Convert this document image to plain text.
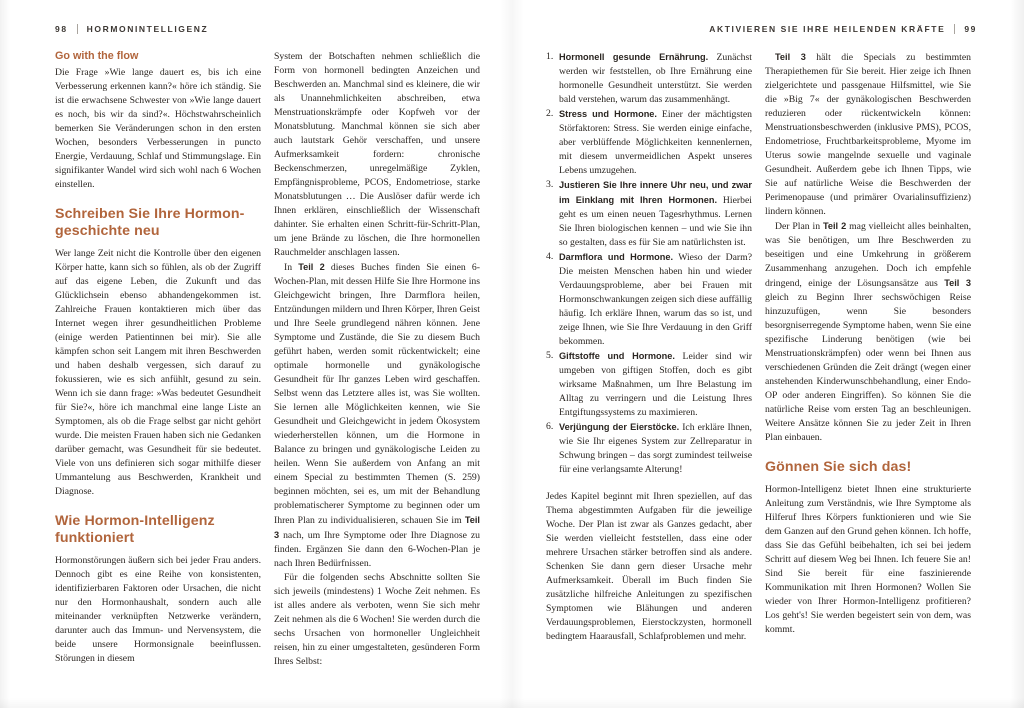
98 HORMONINTELLIGENZ
Go with the flow

Die Frage »Wie lange dauert es, bis ich eine Verbesserung erkennen kann?« höre ich ständig. Sie ist die erwachsene Schwester von »Wie lange dauert es noch, bis wir da sind?«. Höchstwahrscheinlich bemerken Sie Veränderungen schon in den ersten Wochen, besonders Verbesserungen in puncto Energie, Verdauung, Schlaf und Stimmungslage. Ein signifikanter Wandel wird sich wohl nach 6 Wochen einstellen.

Schreiben Sie Ihre Hormon-geschichte neu

Wer lange Zeit nicht die Kontrolle über den eigenen Körper hatte, kann sich so fühlen, als ob der Zugriff auf das eigene Leben, die Zukunft und das Glücklichsein ebenso abhandengekommen ist. Zahlreiche Frauen kontaktieren mich über das Internet wegen ihrer gesundheitlichen Probleme (einige werden Patientinnen bei mir). Sie alle kämpfen schon seit Langem mit ihren Beschwerden und haben deshalb vergessen, sich darauf zu fokussieren, wie es sich anfühlt, gesund zu sein. Wenn ich sie dann frage: »Was bedeutet Gesundheit für Sie?«, höre ich manchmal eine lange Liste an Symptomen, als ob die Frage selbst gar nicht gehört wurde. Die meisten Frauen haben sich nie Gedanken darüber gemacht, was Gesundheit für sie bedeutet. Viele von uns definieren sich sogar mithilfe dieser Ummantelung aus Beschwerden, Krankheit und Diagnose.

Wie Hormon-Intelligenz funktioniert

Hormonstörungen äußern sich bei jeder Frau anders. Dennoch gibt es eine Reihe von konsistenten, identifizierbaren Faktoren oder Ursachen, die nicht nur den Hormonhaushalt, sondern auch alle miteinander verknüpften Netzwerke verändern, darunter auch das Immun- und Nervensystem, die beide unsere Hormonsignale beeinflussen. Störungen in diesem

System der Botschaften nehmen schließlich die Form von hormonell bedingten Anzeichen und Beschwerden an. Manchmal sind es kleinere, die wir als Unannehmlichkeiten abschreiben, etwa Menstruationskrämpfe oder Kopfweh vor der Monatsblutung. Manchmal können sie sich aber auch lautstark Gehör verschaffen, und unsere Aufmerksamkeit fordern: chronische Beckenschmerzen, unregelmäßige Zyklen, Empfängnisprobleme, PCOS, Endometriose, starke Monatsblutungen … Die Auslöser dafür werde ich Ihnen erklären, einschließlich der Wissenschaft dahinter. Sie erhalten einen Schritt-für-Schritt-Plan, um jene Brände zu löschen, die Ihre hormonellen Rauchmelder anschlagen lassen.

In Teil 2 dieses Buches finden Sie einen 6-Wochen-Plan, mit dessen Hilfe Sie Ihre Hormone ins Gleichgewicht bringen, Ihre Darmflora heilen, Entzündungen mildern und Ihren Körper, Ihren Geist und Ihre Seele grundlegend nähren können. Jene Symptome und Zustände, die Sie zu diesem Buch geführt haben, werden somit rückentwickelt; eine optimale hormonelle und gynäkologische Gesundheit für Ihr ganzes Leben wird geschaffen. Selbst wenn das Letztere alles ist, was Sie wollten. Sie lernen alle Möglichkeiten kennen, wie Sie Gesundheit und Gleichgewicht in jedem Ökosystem wiederherstellen können, um die Hormone in Balance zu bringen und gynäkologische Leiden zu heilen. Wenn Sie außerdem von Anfang an mit einem Special zu bestimmten Themen (S. 259) beginnen möchten, sei es, um mit der Behandlung problematischerer Symptome zu beginnen oder um Ihren Plan zu individualisieren, schauen Sie im Teil 3 nach, um Ihre Symptome oder Ihre Diagnose zu finden. Ergänzen Sie dann den 6-Wochen-Plan je nach Ihren Bedürfnissen.

Für die folgenden sechs Abschnitte sollten Sie sich jeweils (mindestens) 1 Woche Zeit nehmen. Es ist alles andere als verboten, wenn Sie sich mehr Zeit nehmen als die 6 Wochen! Sie werden durch die sechs Ursachen von hormoneller Ungleichheit reisen, hin zu einer umgestalteten, gesünderen Form Ihres Selbst:

AKTIVIEREN SIE IHRE HEILENDEN KRÄFTE 99
1. Hormonell gesunde Ernährung. Zunächst werden wir feststellen, ob Ihre Ernährung eine hormonelle Gesundheit unterstützt. Sie werden bald verstehen, warum das zusammenhängt.
2. Stress und Hormone. Einer der mächtigsten Störfaktoren: Stress. Sie werden einige einfache, aber verblüffende Möglichkeiten kennenlernen, mit diesem unvermeidlichen Aspekt unseres Lebens umzugehen.
3. Justieren Sie Ihre innere Uhr neu, und zwar im Einklang mit Ihren Hormonen. Hierbei geht es um einen neuen Tagesrhythmus. Lernen Sie Ihren biologischen kennen – und wie Sie ihn so gestalten, dass es für Sie am natürlichsten ist.
4. Darmflora und Hormone. Wieso der Darm? Die meisten Menschen haben hin und wieder Verdauungsprobleme, aber bei Frauen mit Hormonschwankungen zeigen sich diese auffällig häufig. Ich erkläre Ihnen, warum das so ist, und zeige Ihnen, wie Sie Ihre Verdauung in den Griff bekommen.
5. Giftstoffe und Hormone. Leider sind wir umgeben von giftigen Stoffen, doch es gibt wirksame Maßnahmen, um Ihre Belastung im Alltag zu verringern und die Leistung Ihres Entgiftungssystems zu maximieren.
6. Verjüngung der Eierstöcke. Ich erkläre Ihnen, wie Sie Ihr eigenes System zur Zellreparatur in Schwung bringen – das sorgt zumindest teilweise für eine verlangsamte Alterung!

Jedes Kapitel beginnt mit Ihren speziellen, auf das Thema abgestimmten Aufgaben für die jeweilige Woche. Der Plan ist zwar als Ganzes gedacht, aber Sie werden vielleicht feststellen, dass eine oder mehrere Ursachen stärker betroffen sind als andere. Schenken Sie dann gern dieser Ursache mehr Aufmerksamkeit. Überall im Buch finden Sie zusätzliche hilfreiche Anleitungen zu spezifischen Symptomen wie Blähungen und anderen Verdauungsproblemen, Eierstockzysten, hormonell bedingtem Haarausfall, Schlafproblemen und mehr.

Teil 3 hält die Specials zu bestimmten Therapiethemen für Sie bereit. Hier zeige ich Ihnen zielgerichtete und passgenaue Hilfsmittel, wie Sie die »Big 7« der gynäkologischen Beschwerden reduzieren oder rückentwickeln können: Menstruationsbeschwerden (inklusive PMS), PCOS, Endometriose, Fruchtbarkeitsprobleme, Myome im Uterus sowie mangelnde sexuelle und vaginale Gesundheit. Außerdem gebe ich Ihnen Tipps, wie Sie auf natürliche Weise die Beschwerden der Perimenopause (und primärer Ovarialinsuffizienz) lindern können.

Der Plan in Teil 2 mag vielleicht alles beinhalten, was Sie benötigen, um Ihre Beschwerden zu beseitigen und eine Umkehrung in größerem Zusammenhang anzugehen. Doch ich empfehle dringend, einige der Lösungsansätze aus Teil 3 gleich zu Beginn Ihrer sechswöchigen Reise hinzuzufügen, wenn Sie besonders besorgniserregende Symptome haben, wenn Sie eine spezifische Linderung benötigen (wie bei Menstruationskrämpfen) oder wenn bei Ihnen aus verschiedenen Gründen die Zeit drängt (wegen einer anstehenden Kinderwunschbehandlung, einer Endo-OP oder anderen Eingriffen). So können Sie die natürliche Reise vom ersten Tag an beschleunigen. Weitere Ansätze können Sie zu jeder Zeit in Ihren Plan einbauen.

Gönnen Sie sich das!

Hormon-Intelligenz bietet Ihnen eine strukturierte Anleitung zum Verständnis, wie Ihre Symptome als Hilferuf Ihres Körpers funktionieren und wie Sie dem Ganzen auf den Grund gehen können. Ich hoffe, dass Sie das Gefühl beibehalten, ich sei bei jedem Schritt auf diesem Weg bei Ihnen. Ich feuere Sie an! Sind Sie bereit für eine faszinierende Kommunikation mit Ihren Hormonen? Wollen Sie wieder von Ihrer Hormon-Intelligenz profitieren? Los geht's! Sie werden begeistert sein von dem, was kommt.
